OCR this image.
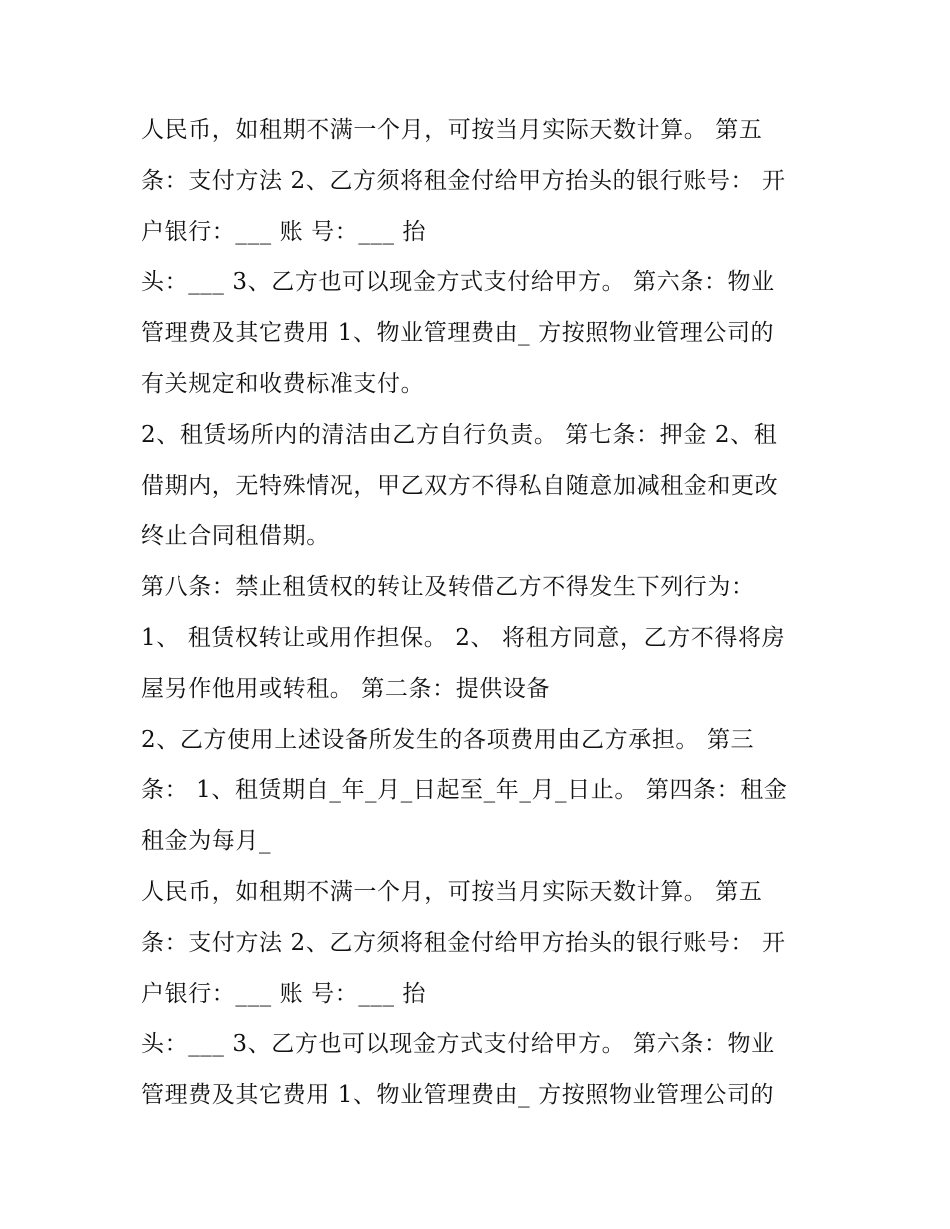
人民币，如租期不满一个月，可按当月实际天数计算。 第五
条：支付方法 2、乙方须将租金付给甲方抬头的银行账号： 开
户银行：___ 账 号：___ 抬
头：___ 3、乙方也可以现金方式支付给甲方。 第六条：物业
管理费及其它费用 1、物业管理费由_ 方按照物业管理公司的
有关规定和收费标准支付。
2、租赁场所内的清洁由乙方自行负责。 第七条：押金 2、租
借期内，无特殊情况，甲乙双方不得私自随意加减租金和更改
终止合同租借期。
第八条：禁止租赁权的转让及转借乙方不得发生下列行为：
1、 租赁权转让或用作担保。 2、 将租方同意，乙方不得将房
屋另作他用或转租。 第二条：提供设备
2、乙方使用上述设备所发生的各项费用由乙方承担。 第三
条： 1、租赁期自_年_月_日起至_年_月_日止。 第四条：租金
租金为每月_
人民币，如租期不满一个月，可按当月实际天数计算。 第五
条：支付方法 2、乙方须将租金付给甲方抬头的银行账号： 开
户银行：___ 账 号：___ 抬
头：___ 3、乙方也可以现金方式支付给甲方。 第六条：物业
管理费及其它费用 1、物业管理费由_ 方按照物业管理公司的
